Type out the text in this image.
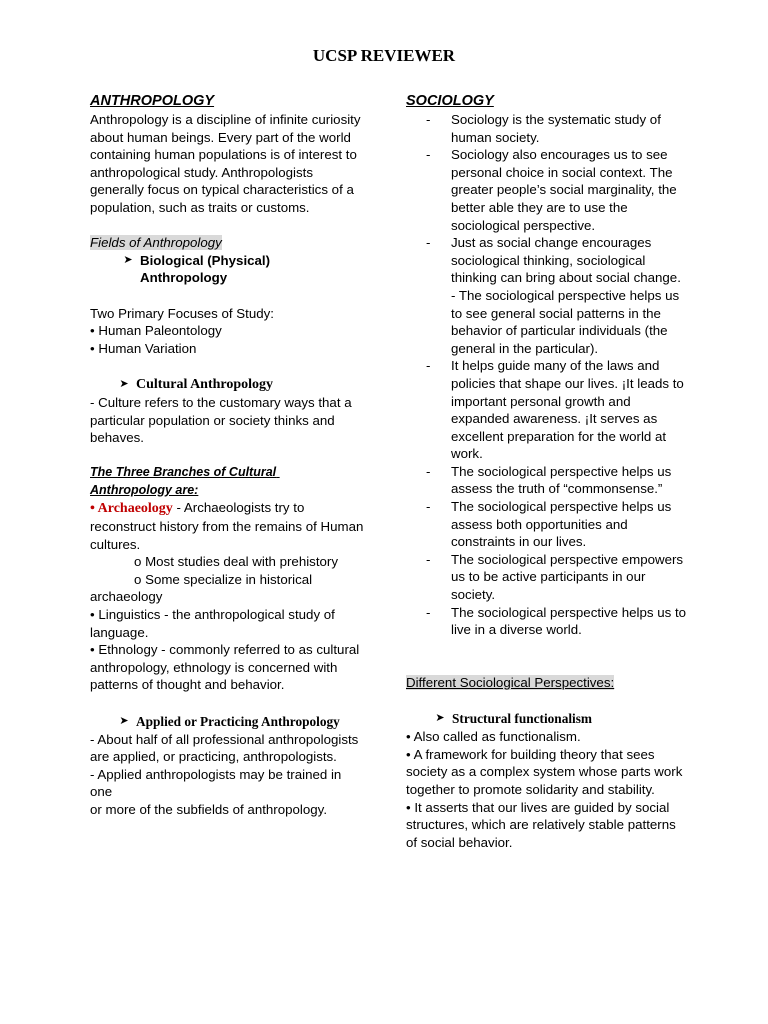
UCSP REVIEWER

ANTHROPOLOGY

Anthropology is a discipline of infinite curiosity about human beings. Every part of the world containing human populations is of interest to anthropological study. Anthropologists generally focus on typical characteristics of a population, such as traits or customs.

Fields of Anthropology

➤ Biological (Physical)
Anthropology

Two Primary Focuses of Study:

• Human Paleontology

• Human Variation

➤ Cultural Anthropology

- Culture refers to the customary ways that a particular population or society thinks and behaves.

The Three Branches of Cultural
Anthropology are:

• Archaeology - Archaeologists try to reconstruct history from the remains of Human cultures.

o Most studies deal with prehistory

o Some specialize in historical

archaeology

• Linguistics - the anthropological study of language.

• Ethnology - commonly referred to as cultural anthropology, ethnology is concerned with patterns of thought and behavior.

➤ Applied or Practicing Anthropology

- About half of all professional anthropologists are applied, or practicing, anthropologists.

- Applied anthropologists may be trained in one

or more of the subfields of anthropology.

SOCIOLOGY

-	Sociology is the systematic study of human society.
-	Sociology also encourages us to see personal choice in social context. The greater people’s social marginality, the better able they are to use the sociological perspective.
-	Just as social change encourages sociological thinking, sociological thinking can bring about social change.
- The sociological perspective helps us to see general social patterns in the behavior of particular individuals (the general in the particular).
-	It helps guide many of the laws and policies that shape our lives. ¡It leads to important personal growth and expanded awareness. ¡It serves as excellent preparation for the world at work.
-	The sociological perspective helps us assess the truth of “commonsense.”
-	The sociological perspective helps us assess both opportunities and constraints in our lives.
-	The sociological perspective empowers us to be active participants in our society.
-	The sociological perspective helps us to live in a diverse world.

Different Sociological Perspectives:

➤ Structural functionalism

• Also called as functionalism.

• A framework for building theory that sees society as a complex system whose parts work together to promote solidarity and stability.

• It asserts that our lives are guided by social structures, which are relatively stable patterns of social behavior.
